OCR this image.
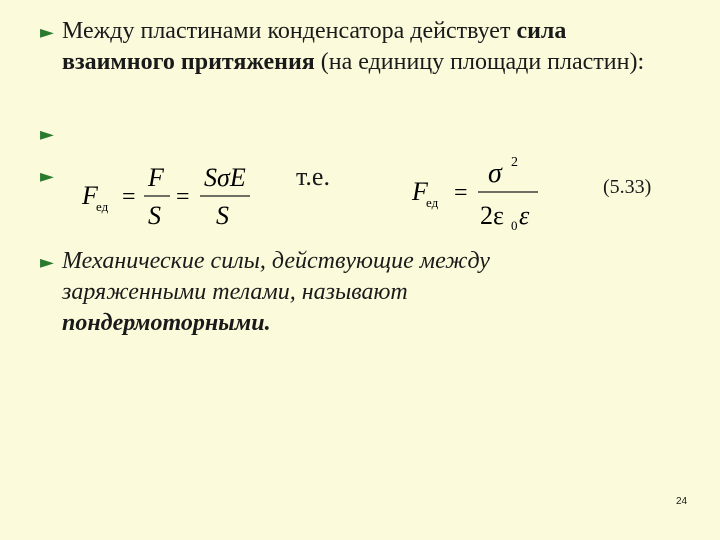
► Между пластинами конденсатора действует сила взаимного притяжения (на единицу площади пластин):
►
►
F
ед =
F
S
=
SσE
S
т.е.
F
ед =
σ 2
2ε 0 ε
(5.33)
► Механические силы, действующие между заряженными телами, называют пондермоторными.
24
